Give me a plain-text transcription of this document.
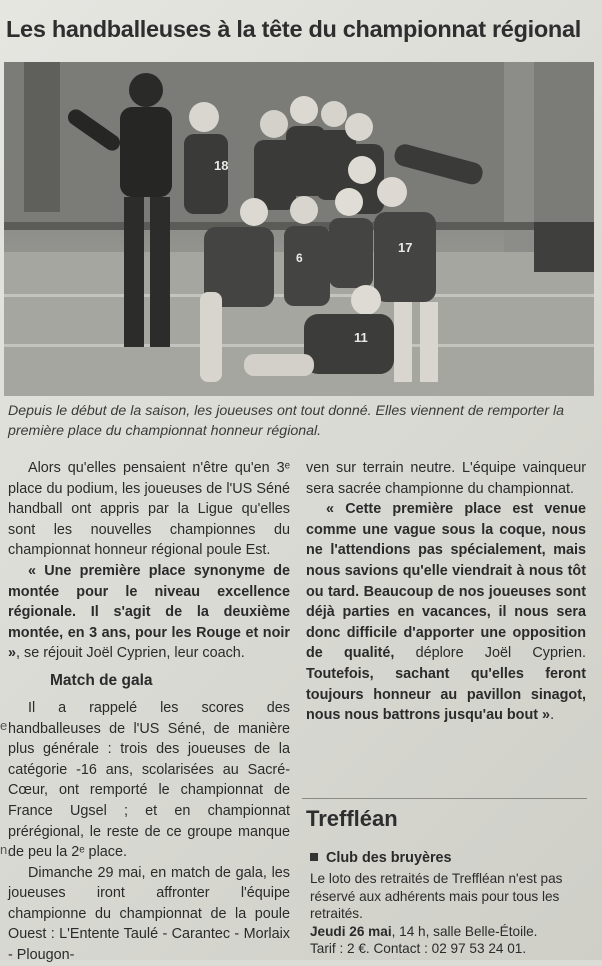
Les handballeuses à la tête du championnat régional
18
17
11
6
Depuis le début de la saison, les joueuses ont tout donné. Elles viennent de remporter la première place du championnat honneur régional.

Alors qu'elles pensaient n'être qu'en 3ᵉ place du podium, les joueuses de l'US Séné handball ont appris par la Ligue qu'elles sont les nouvelles championnes du championnat honneur régional poule Est.

« Une première place synonyme de montée pour le niveau excellence régionale. Il s'agit de la deuxième montée, en 3 ans, pour les Rouge et noir », se réjouit Joël Cyprien, leur coach.

Match de gala

Il a rappelé les scores des handballeuses de l'US Séné, de manière plus générale : trois des joueuses de la catégorie -16 ans, scolarisées au Sacré-Cœur, ont remporté le championnat de France Ugsel ; et en championnat prérégional, le reste de ce groupe manque de peu la 2ᵉ place.

Dimanche 29 mai, en match de gala, les joueuses iront affronter l'équipe championne du championnat de la poule Ouest : L'Entente Taulé - Carantec - Morlaix - Plougon-

e
n,

ven sur terrain neutre. L'équipe vainqueur sera sacrée championne du championnat.

« Cette première place est venue comme une vague sous la coque, nous ne l'attendions pas spécialement, mais nous savions qu'elle viendrait à nous tôt ou tard. Beaucoup de nos joueuses sont déjà parties en vacances, il nous sera donc difficile d'apporter une opposition de qualité, déplore Joël Cyprien. Toutefois, sachant qu'elles feront toujours honneur au pavillon sinagot, nous nous battrons jusqu'au bout ».

Treffléan
Club des bruyères

Le loto des retraités de Treffléan n'est pas réservé aux adhérents mais pour tous les retraités.

Jeudi 26 mai, 14 h, salle Belle-Étoile.

Tarif : 2 €. Contact : 02 97 53 24 01.
